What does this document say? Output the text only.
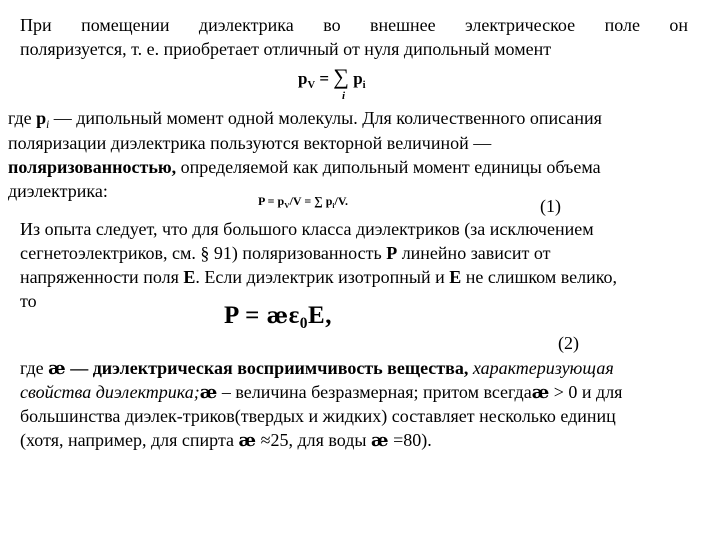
При помещении диэлектрика во внешнее электрическое поле он
поляризуется, т. е. приобретает отличный от нуля дипольный момент
$p_V$ = ∑ $p_i$
i
где $p_i$ — дипольный момент одной молекулы. Для количественного описания
поляризации диэлектрика пользуются векторной величиной —
поляризованностью, определяемой как дипольный момент единицы объема
диэлектрика:	$P = p_V/V$ = ∑ $p_i/V$.	(1)
Из опыта следует, что для большого класса диэлектриков (за исключением
сегнетоэлектриков, см. § 91) поляризованность P линейно зависит от
напряженности поля E. Если диэлектрик изотропный и E не слишком велико,
то
$P = æ\varepsilon_0E$,
(2)
где æ — диэлектрическая восприимчивость вещества, характеризующая
свойства диэлектрика;æ – величина безразмерная; притом всегдаæ > 0 и для
большинства диэлек-триков(твердых и жидких) составляет несколько единиц
(хотя, например, для спирта æ ≈25, для воды æ =80).
